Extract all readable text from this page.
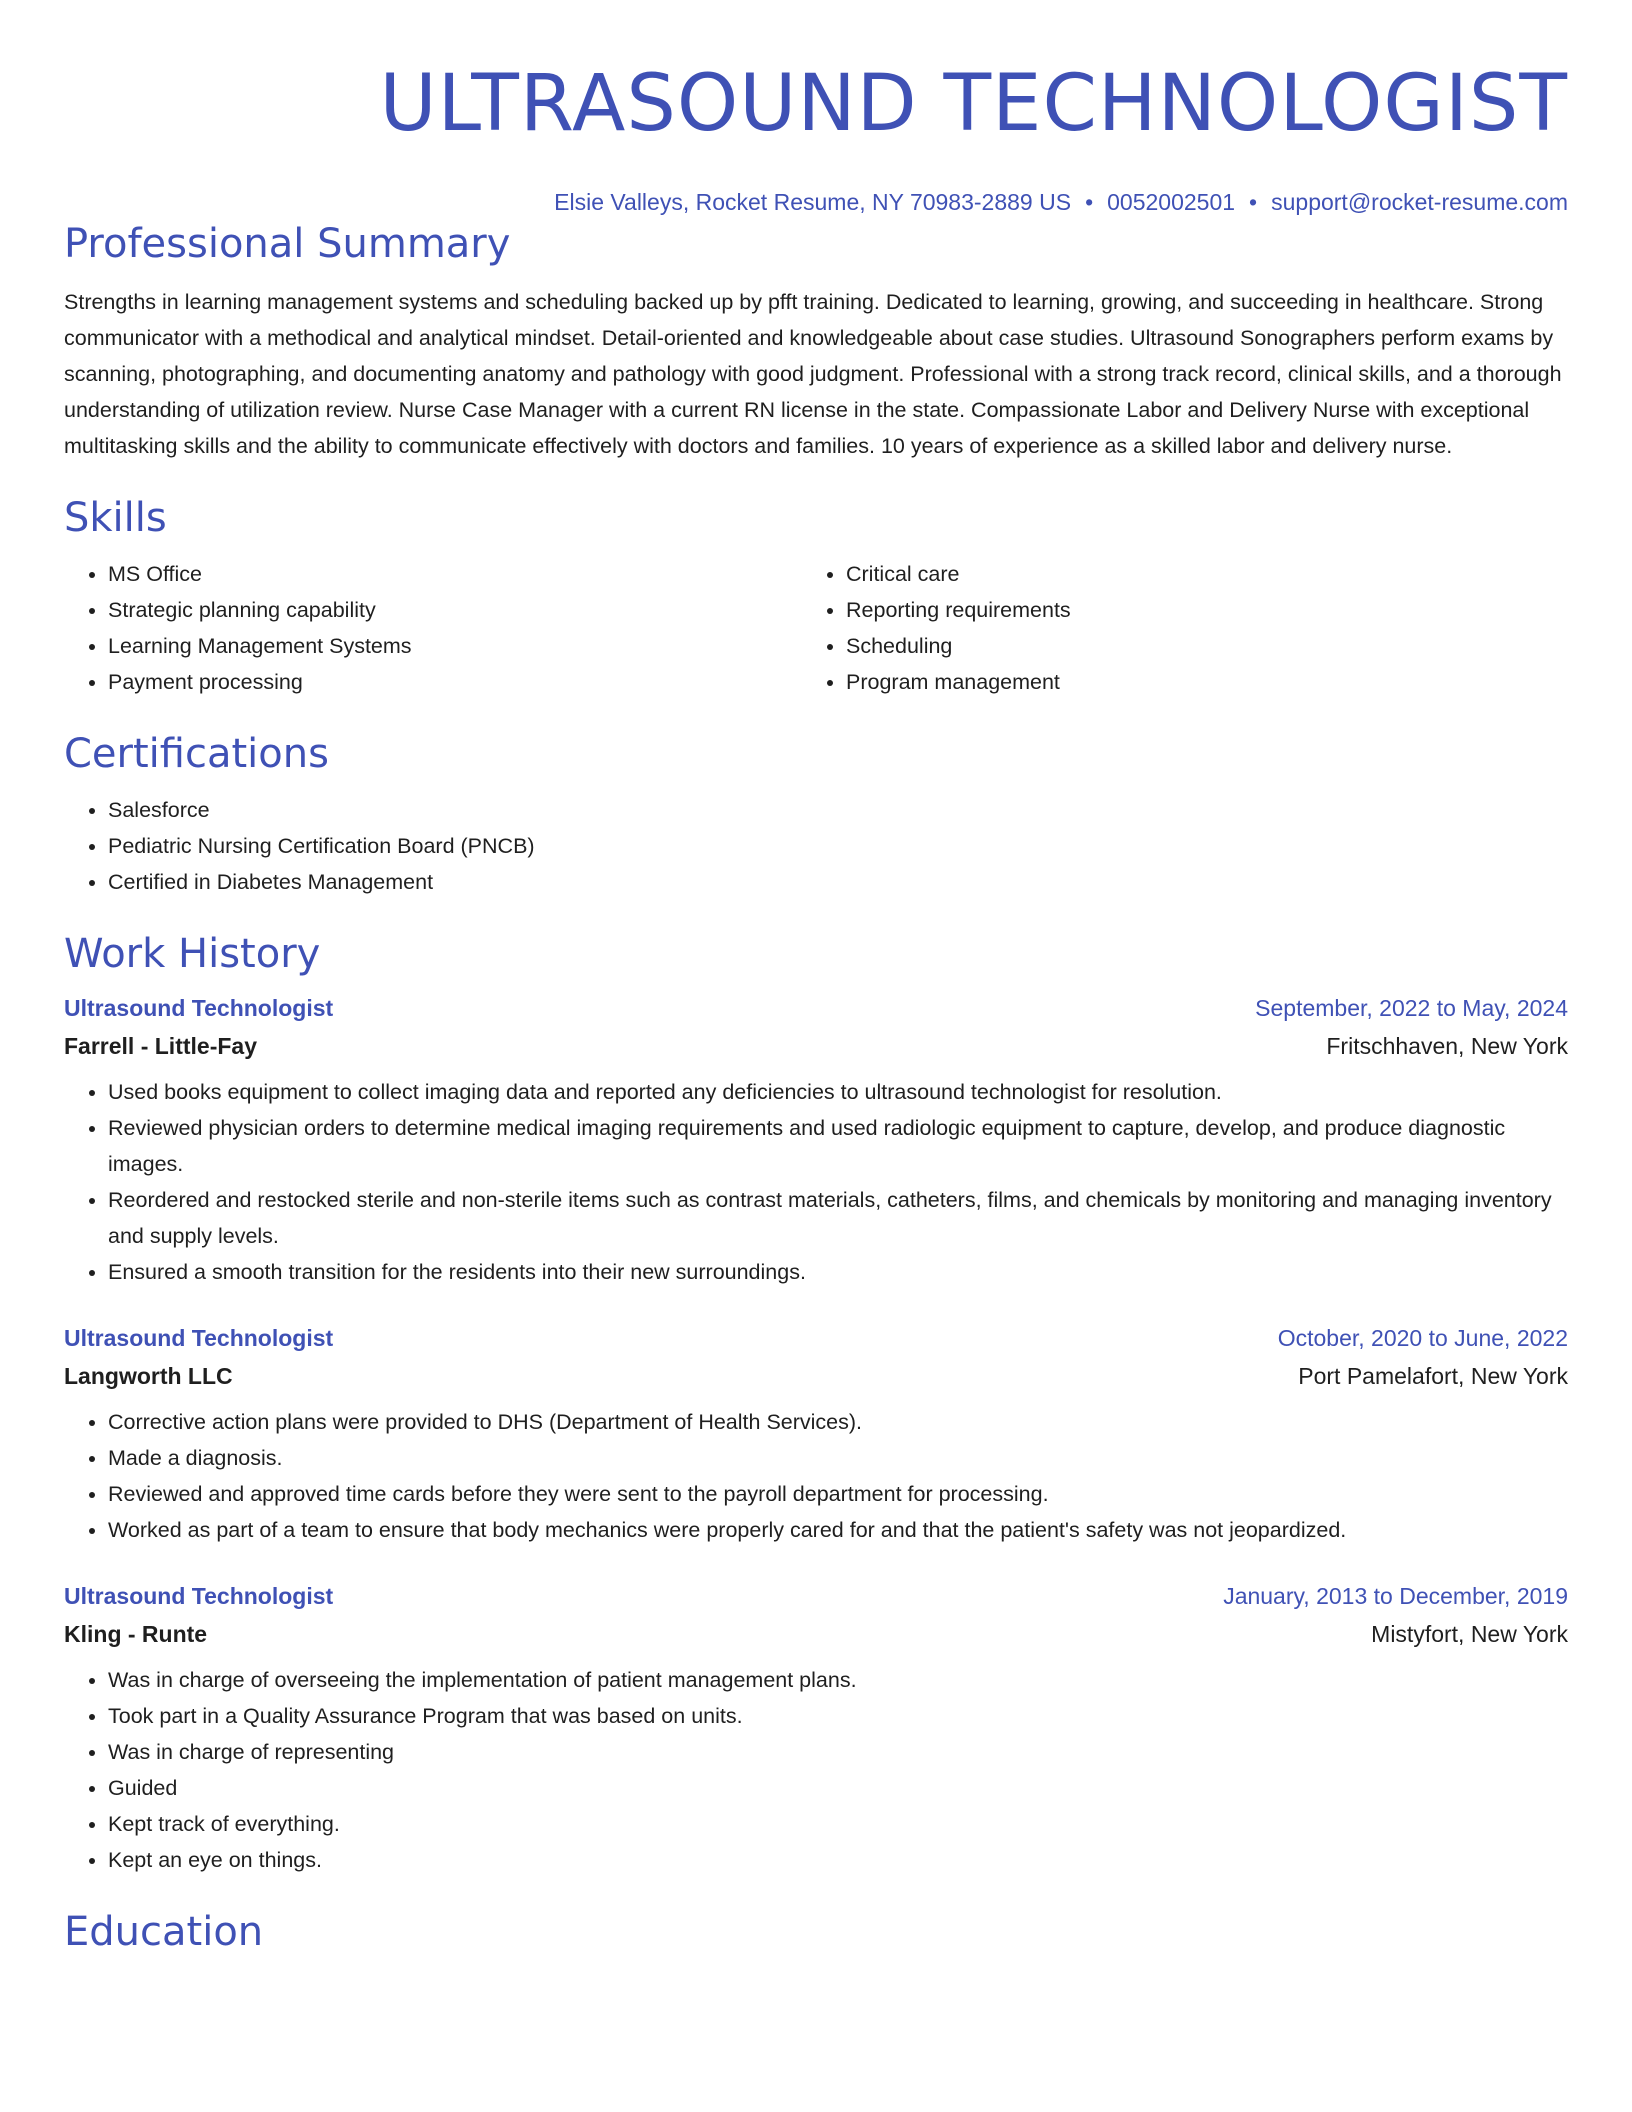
ULTRASOUND TECHNOLOGIST
Elsie Valleys, Rocket Resume, NY 70983-2889 US • 0052002501 • support@rocket-resume.com
Professional Summary
Strengths in learning management systems and scheduling backed up by pfft training. Dedicated to learning, growing, and succeeding in healthcare. Strong communicator with a methodical and analytical mindset. Detail-oriented and knowledgeable about case studies. Ultrasound Sonographers perform exams by scanning, photographing, and documenting anatomy and pathology with good judgment. Professional with a strong track record, clinical skills, and a thorough understanding of utilization review. Nurse Case Manager with a current RN license in the state. Compassionate Labor and Delivery Nurse with exceptional multitasking skills and the ability to communicate effectively with doctors and families. 10 years of experience as a skilled labor and delivery nurse.
Skills
• MS Office
• Strategic planning capability
• Learning Management Systems
• Payment processing
• Critical care
• Reporting requirements
• Scheduling
• Program management
Certifications
• Salesforce
• Pediatric Nursing Certification Board (PNCB)
• Certified in Diabetes Management
Work History
Ultrasound Technologist	September, 2022 to May, 2024
Farrell - Little-Fay	Fritschhaven, New York
• Used books equipment to collect imaging data and reported any deficiencies to ultrasound technologist for resolution.
• Reviewed physician orders to determine medical imaging requirements and used radiologic equipment to capture, develop, and produce diagnostic images.
• Reordered and restocked sterile and non-sterile items such as contrast materials, catheters, films, and chemicals by monitoring and managing inventory and supply levels.
• Ensured a smooth transition for the residents into their new surroundings.
Ultrasound Technologist	October, 2020 to June, 2022
Langworth LLC	Port Pamelafort, New York
• Corrective action plans were provided to DHS (Department of Health Services).
• Made a diagnosis.
• Reviewed and approved time cards before they were sent to the payroll department for processing.
• Worked as part of a team to ensure that body mechanics were properly cared for and that the patient's safety was not jeopardized.
Ultrasound Technologist	January, 2013 to December, 2019
Kling - Runte	Mistyfort, New York
• Was in charge of overseeing the implementation of patient management plans.
• Took part in a Quality Assurance Program that was based on units.
• Was in charge of representing
• Guided
• Kept track of everything.
• Kept an eye on things.
Education
